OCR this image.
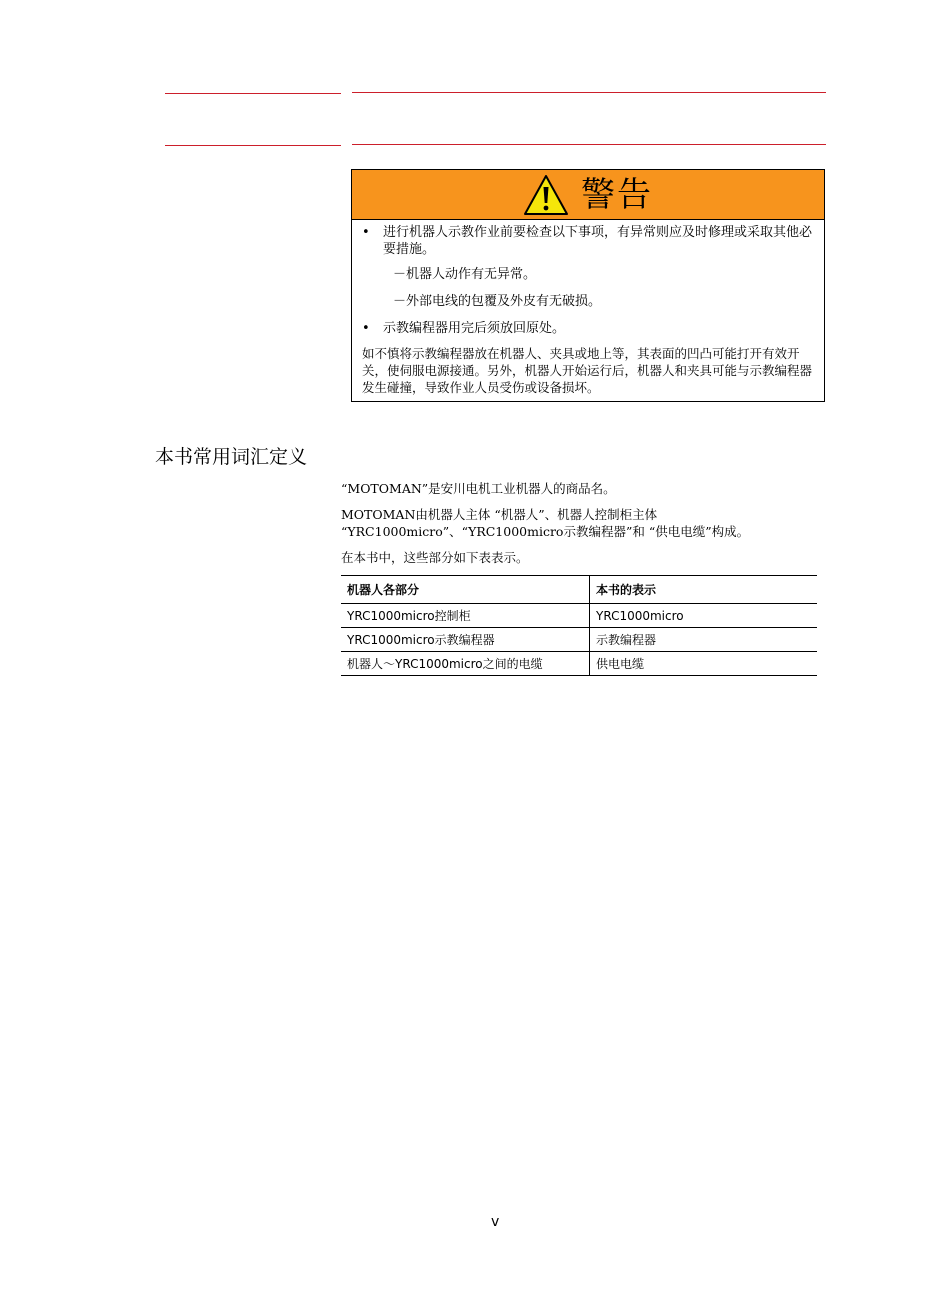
警告
• 进行机器人示教作业前要检查以下事项，有异常则应及时修理或采取其他必要措施。
－机器人动作有无异常。
－外部电线的包覆及外皮有无破损。
• 示教编程器用完后须放回原处。
如不慎将示教编程器放在机器人、夹具或地上等，其表面的凹凸可能打开有效开关，使伺服电源接通。另外，机器人开始运行后，机器人和夹具可能与示教编程器发生碰撞，导致作业人员受伤或设备损坏。
本书常用词汇定义
“MOTOMAN”是安川电机工业机器人的商品名。
MOTOMAN由机器人主体 “机器人”、机器人控制柜主体 “YRC1000micro”、“YRC1000micro示教编程器”和 “供电电缆”构成。
在本书中，这些部分如下表表示。
机器人各部分	本书的表示
YRC1000micro控制柜	YRC1000micro
YRC1000micro示教编程器	示教编程器
机器人～YRC1000micro之间的电缆	供电电缆
v
